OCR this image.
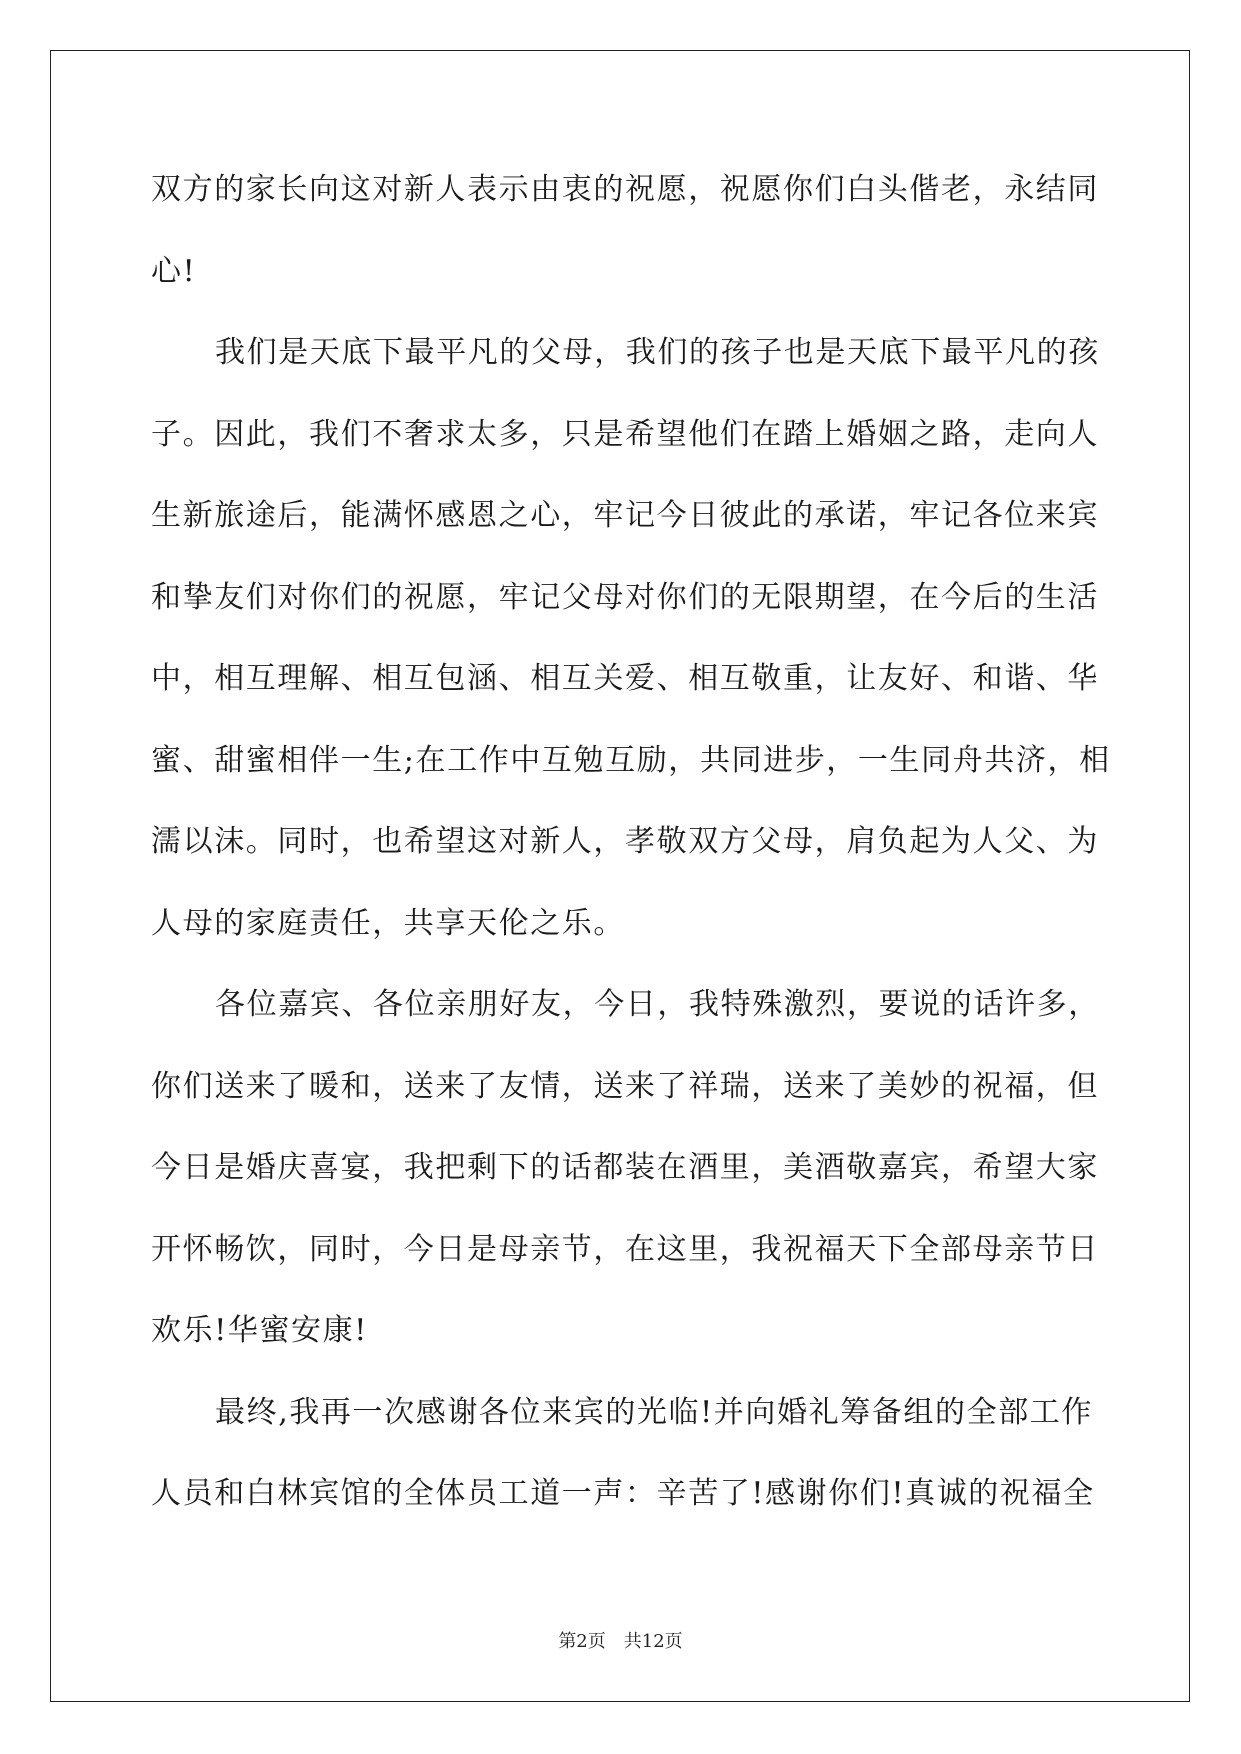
双方的家长向这对新人表示由衷的祝愿，祝愿你们白头偕老，永结同
心!
我们是天底下最平凡的父母，我们的孩子也是天底下最平凡的孩
子。因此，我们不奢求太多，只是希望他们在踏上婚姻之路，走向人
生新旅途后，能满怀感恩之心，牢记今日彼此的承诺，牢记各位来宾
和挚友们对你们的祝愿，牢记父母对你们的无限期望，在今后的生活
中，相互理解、相互包涵、相互关爱、相互敬重，让友好、和谐、华
蜜、甜蜜相伴一生;在工作中互勉互励，共同进步，一生同舟共济，相
濡以沫。同时，也希望这对新人，孝敬双方父母，肩负起为人父、为
人母的家庭责任，共享天伦之乐。
各位嘉宾、各位亲朋好友，今日，我特殊激烈，要说的话许多，
你们送来了暖和，送来了友情，送来了祥瑞，送来了美妙的祝福，但
今日是婚庆喜宴，我把剩下的话都装在酒里，美酒敬嘉宾，希望大家
开怀畅饮，同时，今日是母亲节，在这里，我祝福天下全部母亲节日
欢乐!华蜜安康!
最终,我再一次感谢各位来宾的光临!并向婚礼筹备组的全部工作
人员和白林宾馆的全体员工道一声：辛苦了!感谢你们!真诚的祝福全
第2页　共12页
